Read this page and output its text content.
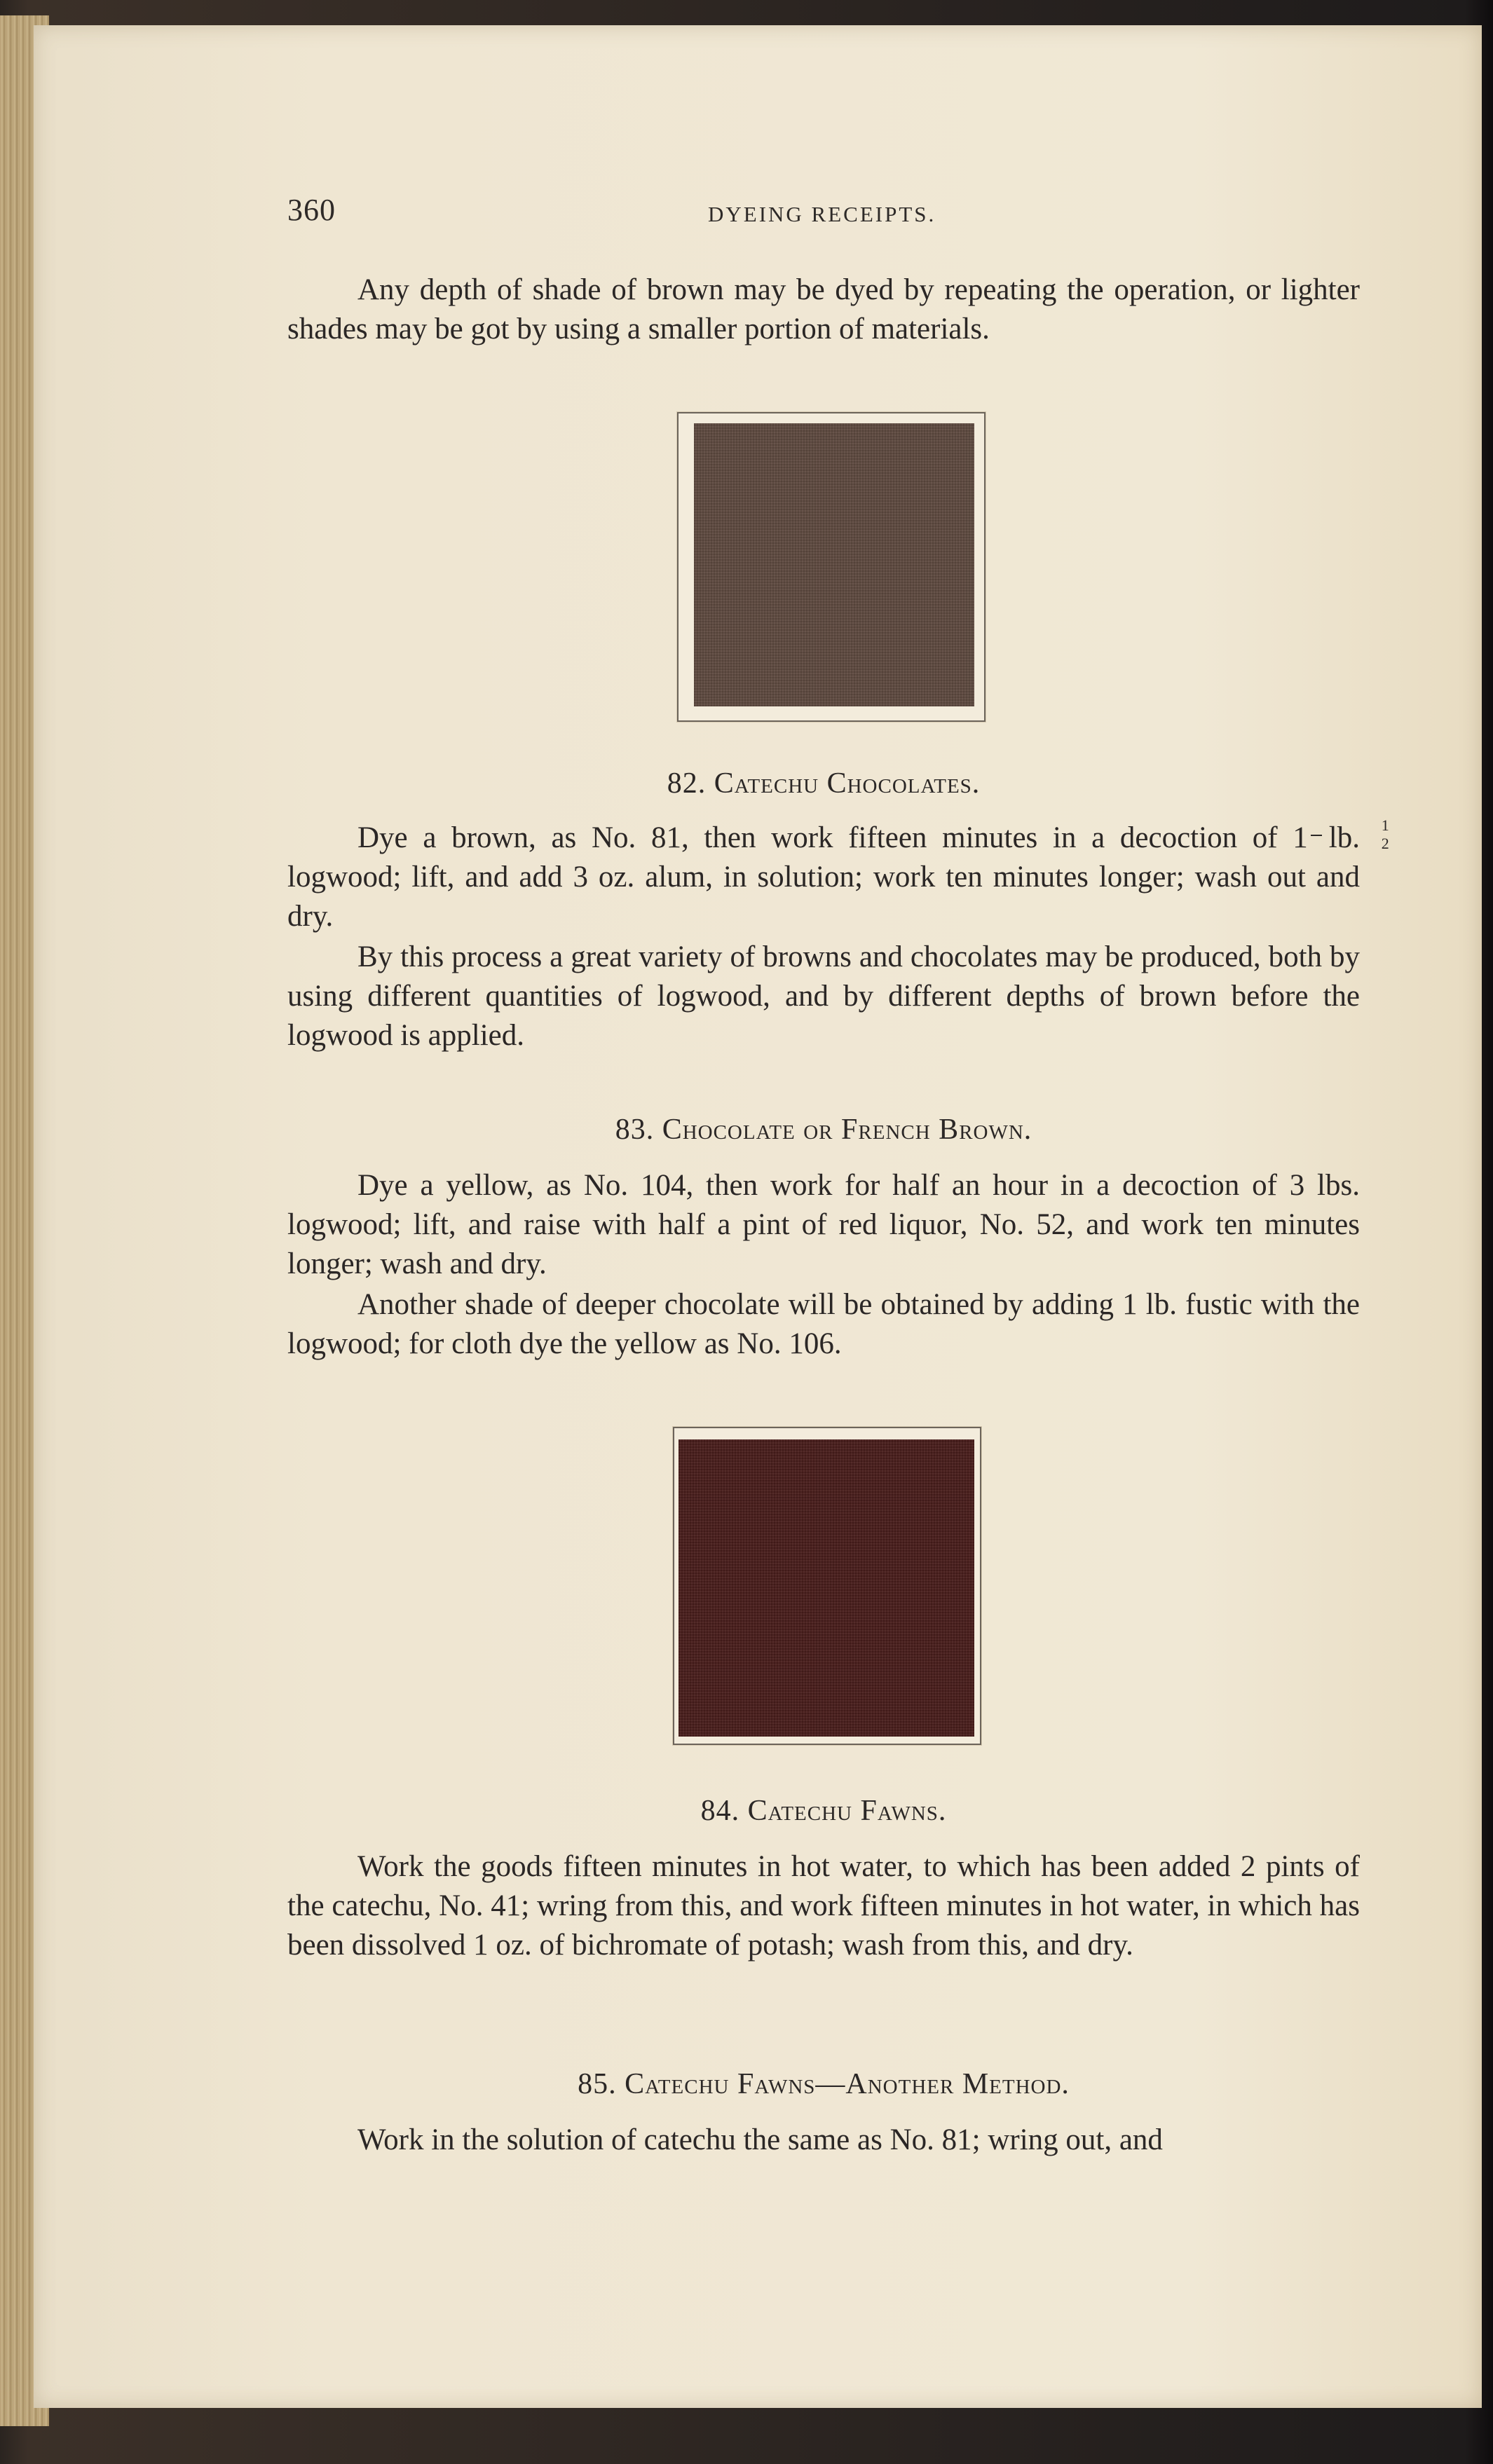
360	DYEING RECEIPTS.

Any depth of shade of brown may be dyed by repeating the operation, or lighter shades may be got by using a smaller portion of materials.

82. Catechu Chocolates.

Dye a brown, as No. 81, then work fifteen minutes in a decoction of $1 \frac{1}{2}$ lb. logwood; lift, and add 3 oz. alum, in solution; work ten minutes longer; wash out and dry.

By this process a great variety of browns and chocolates may be produced, both by using different quantities of logwood, and by different depths of brown before the logwood is applied.

83. Chocolate or French Brown.

Dye a yellow, as No. 104, then work for half an hour in a decoction of 3 lbs. logwood; lift, and raise with half a pint of red liquor, No. 52, and work ten minutes longer; wash and dry.

Another shade of deeper chocolate will be obtained by adding 1 lb. fustic with the logwood; for cloth dye the yellow as No. 106.

84. Catechu Fawns.

Work the goods fifteen minutes in hot water, to which has been added 2 pints of the catechu, No. 41; wring from this, and work fifteen minutes in hot water, in which has been dissolved 1 oz. of bichromate of potash; wash from this, and dry.

85. Catechu Fawns—Another Method.

Work in the solution of catechu the same as No. 81; wring out, and
